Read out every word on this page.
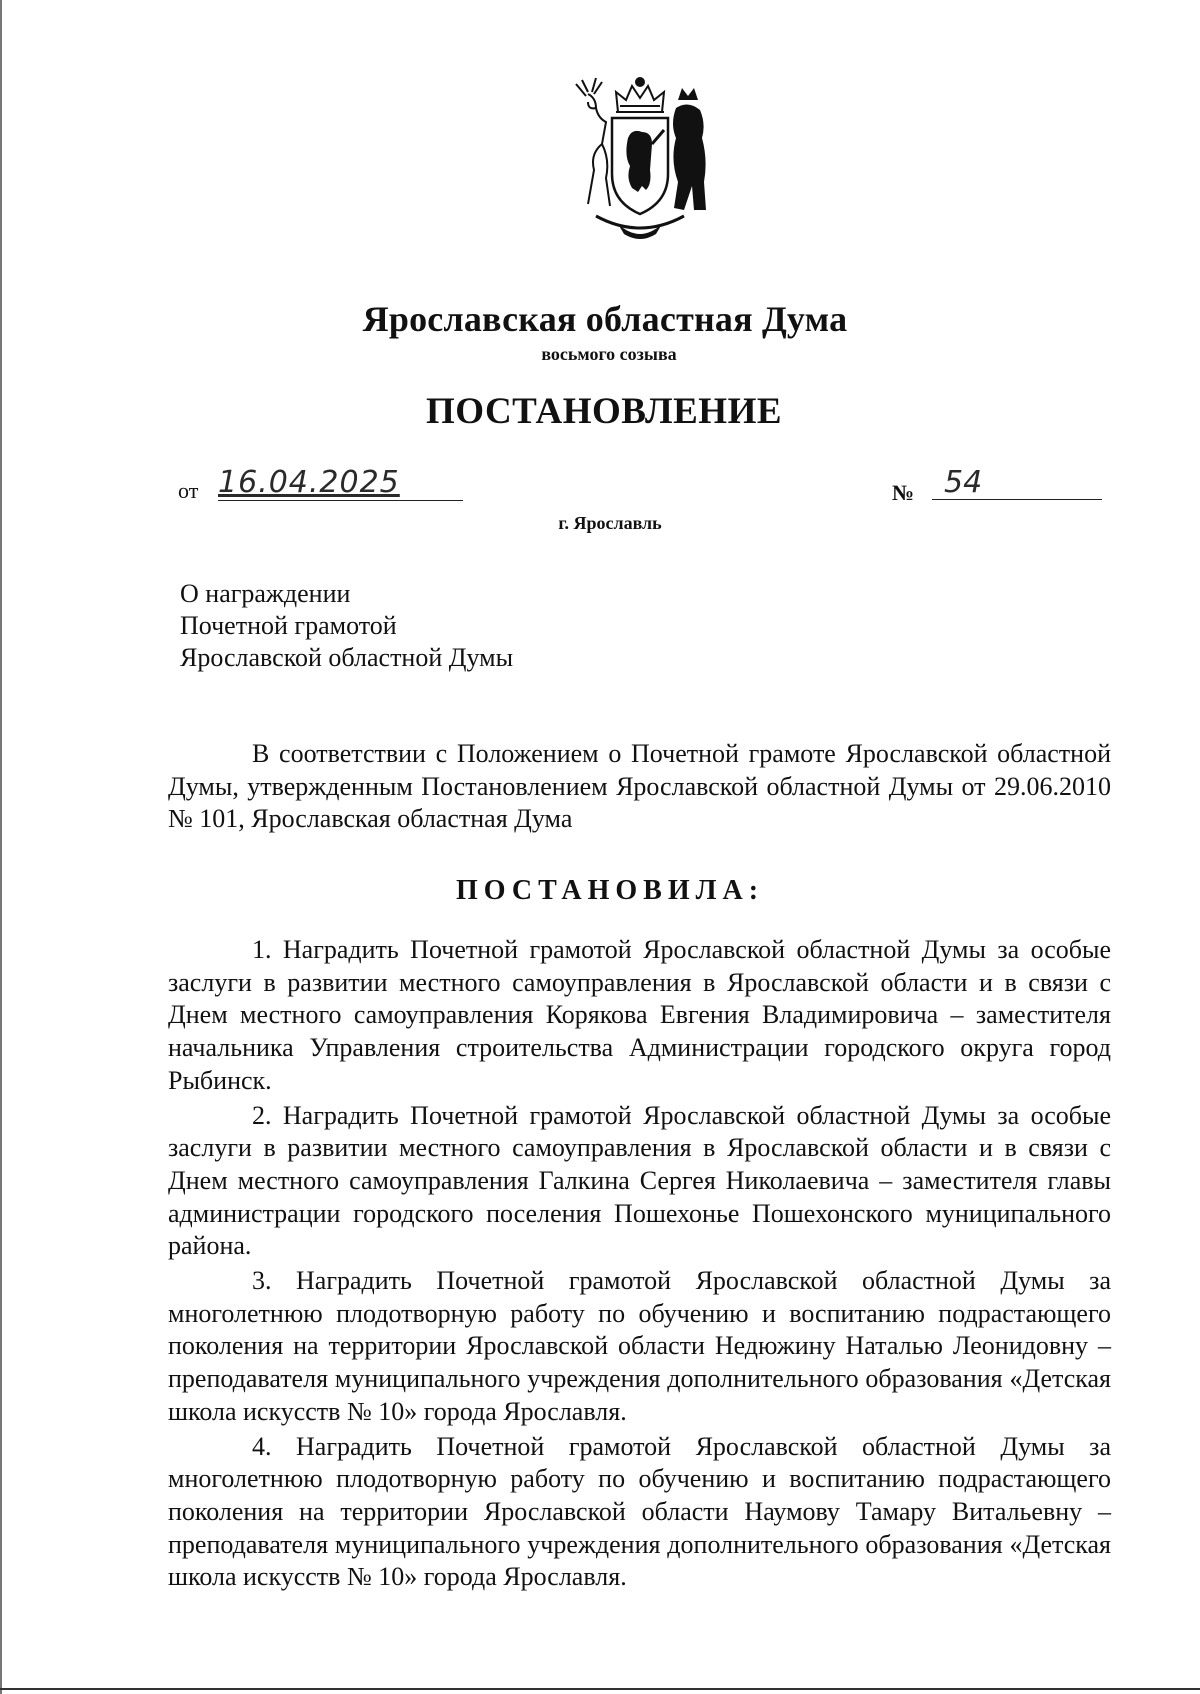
Ярославская областная Дума
восьмого созыва
ПОСТАНОВЛЕНИЕ
от 16.04.2025	№ 54
г. Ярославль
О награждении
Почетной грамотой
Ярославской областной Думы
В соответствии с Положением о Почетной грамоте Ярославской областной Думы, утвержденным Постановлением Ярославской областной Думы от 29.06.2010 № 101, Ярославская областная Дума
ПОСТАНОВИЛА:

1. Наградить Почетной грамотой Ярославской областной Думы за особые заслуги в развитии местного самоуправления в Ярославской области и в связи с Днем местного самоуправления Корякова Евгения Владимировича – заместителя начальника Управления строительства Администрации городского округа город Рыбинск.

2. Наградить Почетной грамотой Ярославской областной Думы за особые заслуги в развитии местного самоуправления в Ярославской области и в связи с Днем местного самоуправления Галкина Сергея Николаевича – заместителя главы администрации городского поселения Пошехонье Пошехонского муниципального района.

3. Наградить Почетной грамотой Ярославской областной Думы за многолетнюю плодотворную работу по обучению и воспитанию подрастающего поколения на территории Ярославской области Недюжину Наталью Леонидовну – преподавателя муниципального учреждения дополнительного образования «Детская школа искусств № 10» города Ярославля.

4. Наградить Почетной грамотой Ярославской областной Думы за многолетнюю плодотворную работу по обучению и воспитанию подрастающего поколения на территории Ярославской области Наумову Тамару Витальевну – преподавателя муниципального учреждения дополнительного образования «Детская школа искусств № 10» города Ярославля.
